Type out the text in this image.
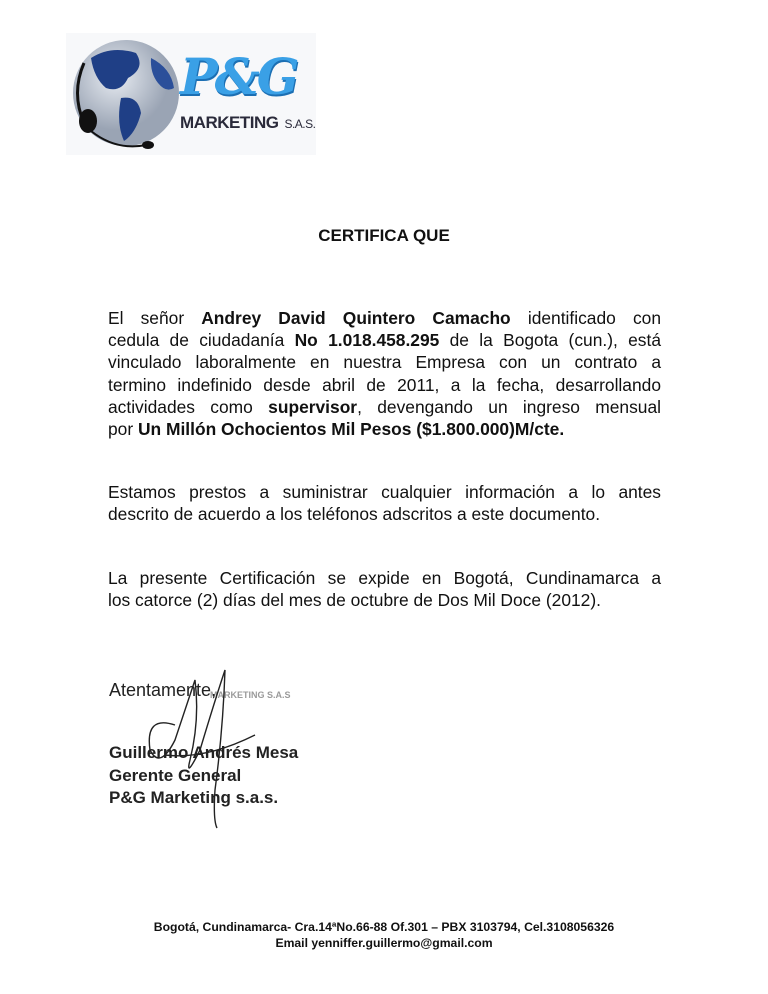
P&G
MARKETING S.A.S.
CERTIFICA QUE
El señor Andrey David Quintero Camacho identificado con
cedula de ciudadanía No 1.018.458.295 de la Bogota (cun.), está
vinculado laboralmente en nuestra Empresa con un contrato a
termino indefinido desde abril de 2011, a la fecha, desarrollando
actividades como supervisor, devengando un ingreso mensual
por Un Millón Ochocientos Mil Pesos ($1.800.000)M/cte.
Estamos prestos a suministrar cualquier información a lo antes
descrito de acuerdo a los teléfonos adscritos a este documento.
La presente Certificación se expide en Bogotá, Cundinamarca a
los catorce (2) días del mes de octubre de Dos Mil Doce (2012).
MARKETING S.A.S
Atentamente,
Guillermo Andrés Mesa
Gerente General
P&G Marketing s.a.s.
Bogotá, Cundinamarca- Cra.14ªNo.66-88 Of.301 – PBX 3103794, Cel.3108056326
Email yenniffer.guillermo@gmail.com
